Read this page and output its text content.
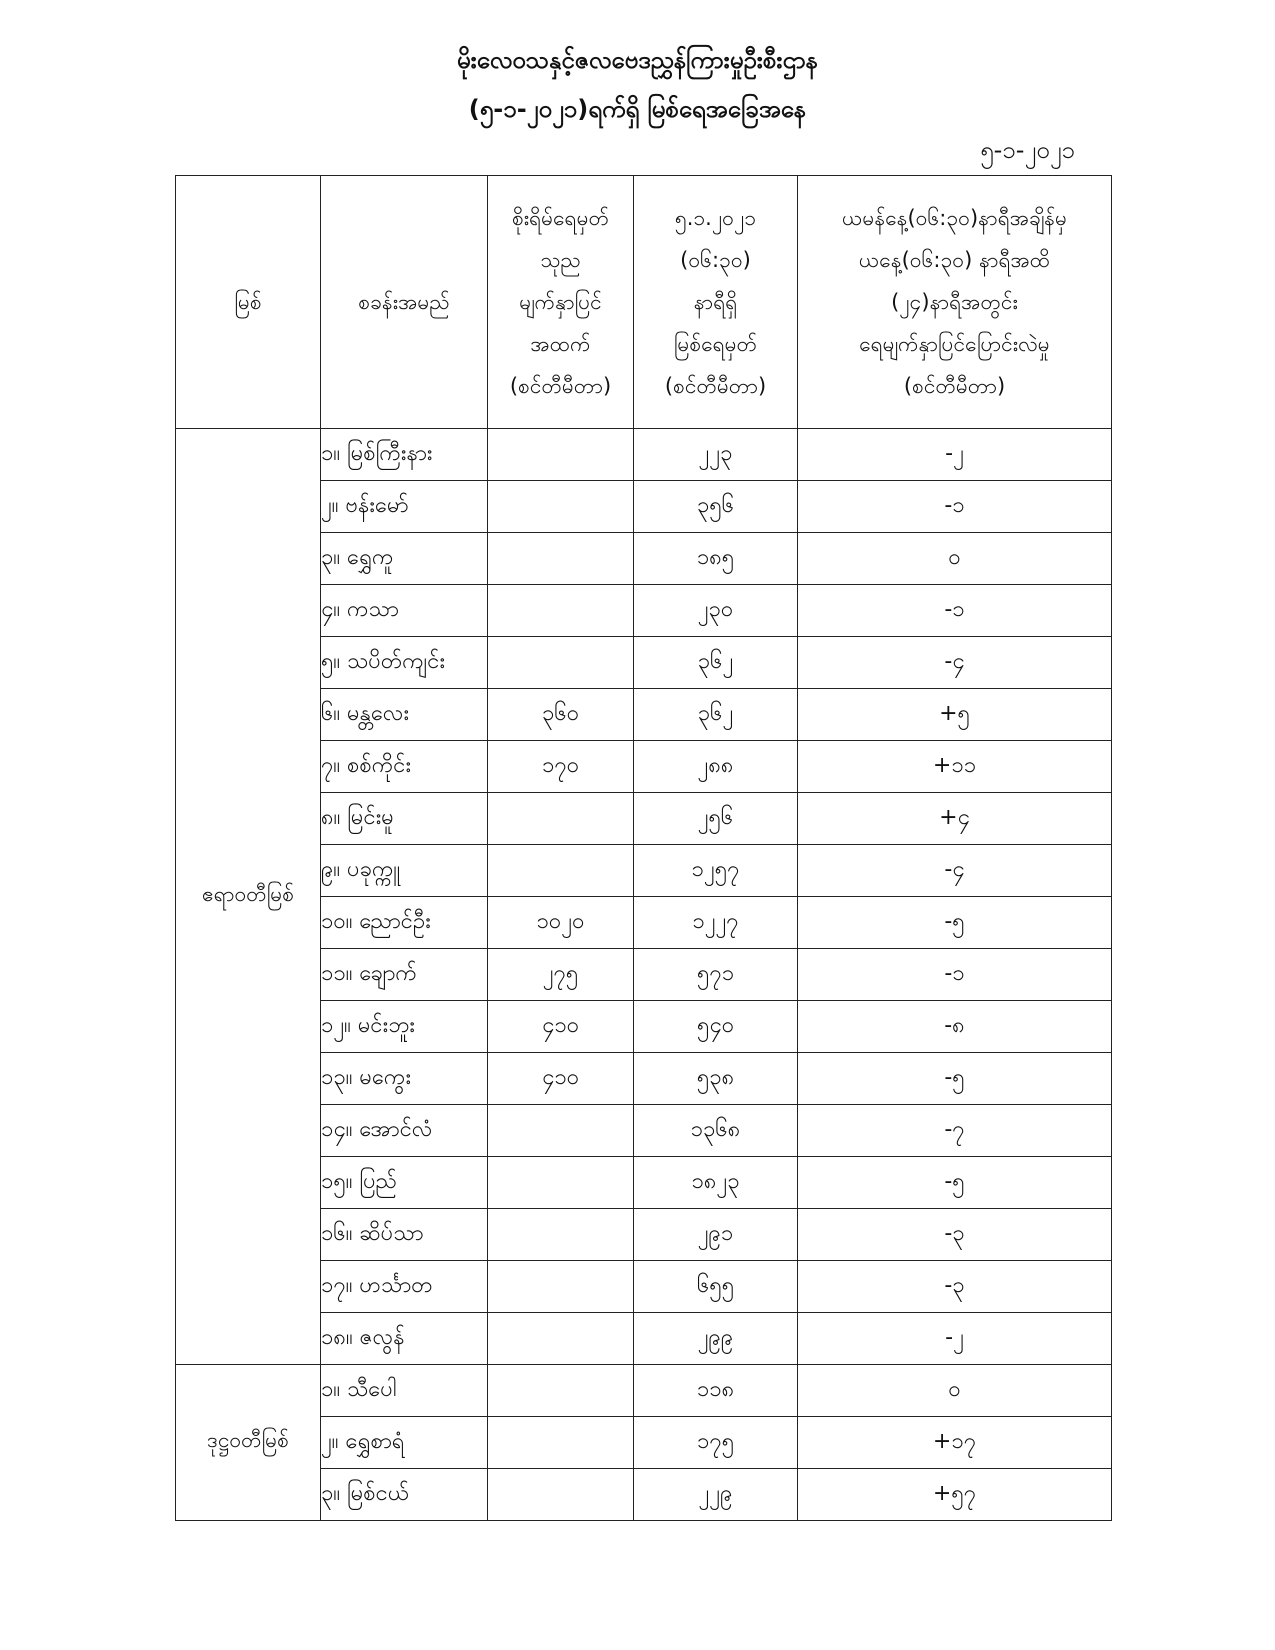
မိုးလေဝသနှင့်ဇလဗေဒညွှန်ကြားမှုဦးစီးဌာန
(၅-၁-၂၀၂၁)ရက်ရှိ မြစ်ရေအခြေအနေ
၅-၁-၂၀၂၁
မြစ်	စခန်းအမည်	စိုးရိမ်ရေမှတ်
သုည
မျက်နှာပြင်
အထက်
(စင်တီမီတာ)	၅.၁.၂၀၂၁
(၀၆:၃၀)
နာရီရှိ
မြစ်ရေမှတ်
(စင်တီမီတာ)	ယမန်နေ့(၀၆:၃၀)နာရီအချိန်မှ
ယနေ့(၀၆:၃၀) နာရီအထိ
(၂၄)နာရီအတွင်း
ရေမျက်နှာပြင်ပြောင်းလဲမှု
(စင်တီမီတာ)
ဧရာဝတီမြစ်	၁။ မြစ်ကြီးနား		၂၂၃	-၂
	၂။ ဗန်းမော်		၃၅၆	-၁
	၃။ ရွှေကူ		၁၈၅	၀
	၄။ ကသာ		၂၃၀	-၁
	၅။ သပိတ်ကျင်း		၃၆၂	-၄
	၆။ မန္တလေး	၃၆၀	၃၆၂	+၅
	၇။ စစ်ကိုင်း	၁၇၀	၂၈၈	+၁၁
	၈။ မြင်းမူ		၂၅၆	+၄
	၉။ ပခုက္ကူ		၁၂၅၇	-၄
	၁၀။ ညောင်ဦး	၁၀၂၀	၁၂၂၇	-၅
	၁၁။ ချောက်	၂၇၅	၅၇၁	-၁
	၁၂။ မင်းဘူး	၄၁၀	၅၄၀	-၈
	၁၃။ မကွေး	၄၁၀	၅၃၈	-၅
	၁၄။ အောင်လံ		၁၃၆၈	-၇
	၁၅။ ပြည်		၁၈၂၃	-၅
	၁၆။ ဆိပ်သာ		၂၉၁	-၃
	၁၇။ ဟင်္သာတ		၆၅၅	-၃
	၁၈။ ဇလွန်		၂၉၉	-၂
ဒုဋ္ဌဝတီမြစ်	၁။ သီပေါ		၁၁၈	၀
	၂။ ရွှေစာရံ		၁၇၅	+၁၇
	၃။ မြစ်ငယ်		၂၂၉	+၅၇
